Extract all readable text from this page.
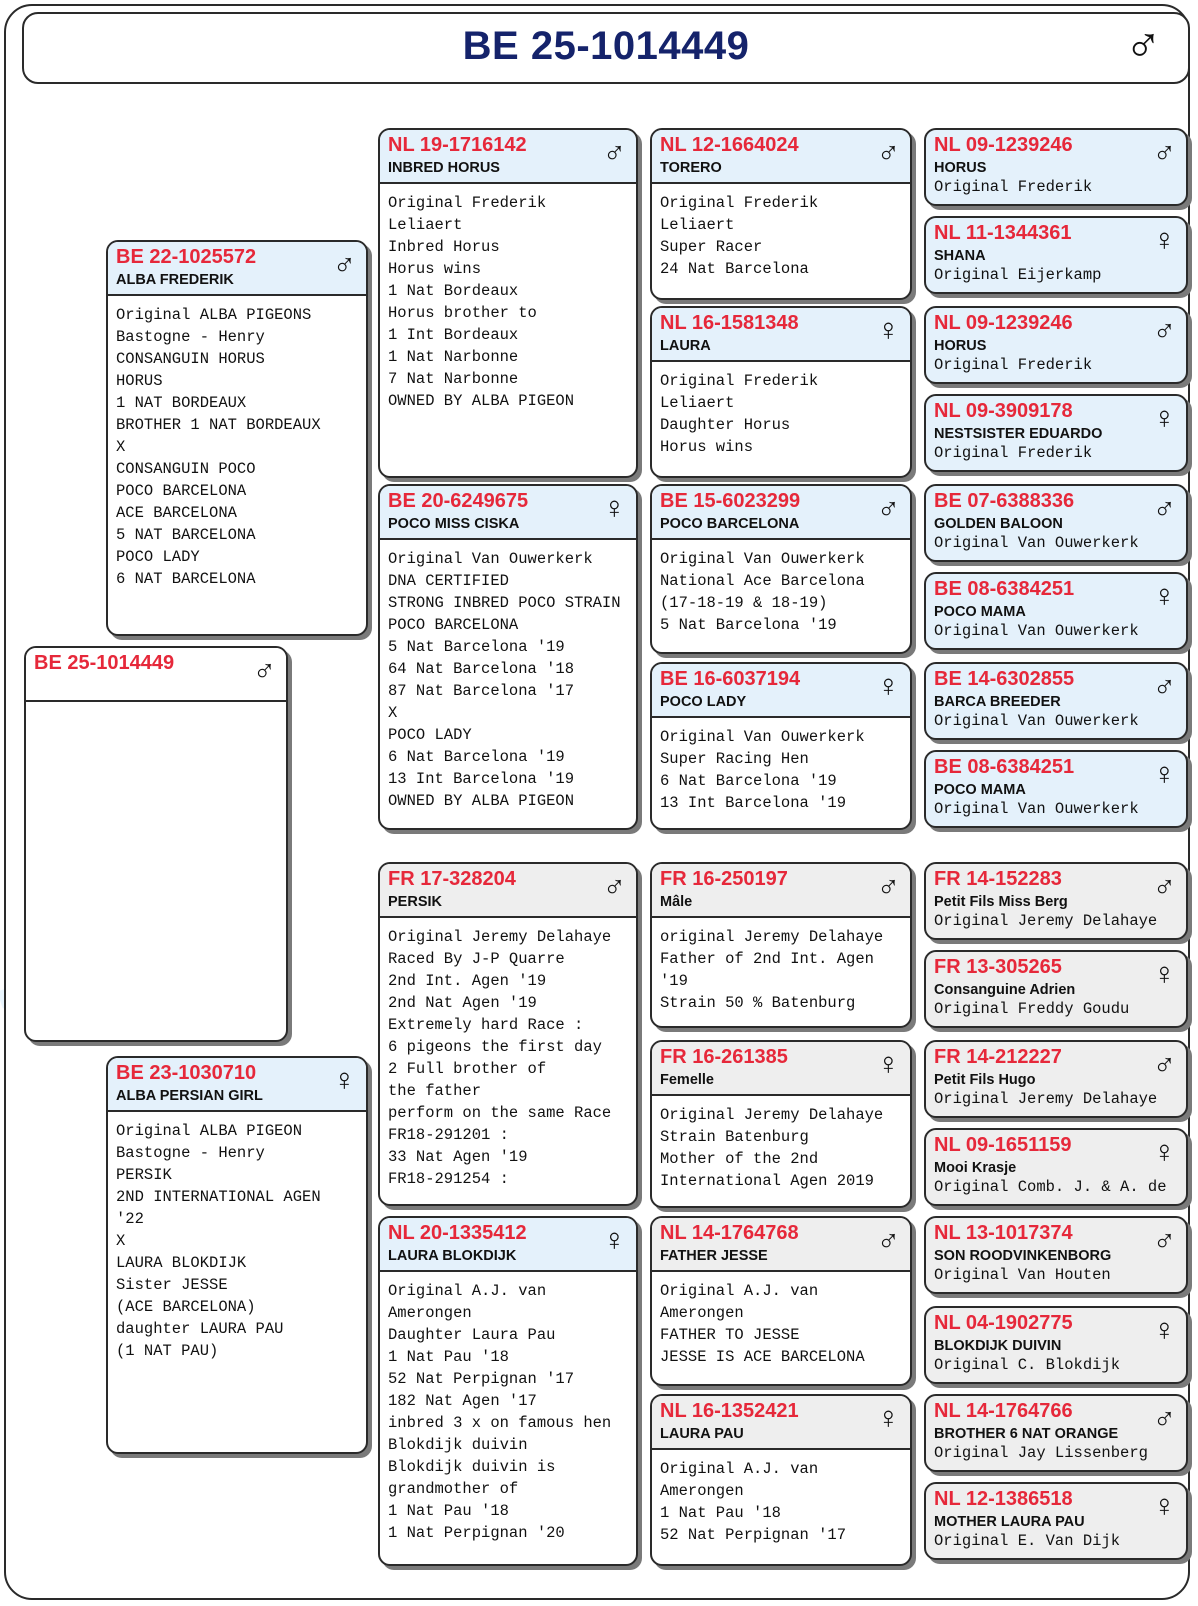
BE 25-1014449	♂
BE 25-1014449	♂
BE 22-1025572
ALBA FREDERIK	♂
Original ALBA PIGEONS
Bastogne - Henry
CONSANGUIN HORUS
HORUS
1 NAT BORDEAUX
BROTHER 1 NAT BORDEAUX
X
CONSANGUIN POCO
POCO BARCELONA
ACE BARCELONA
5 NAT BARCELONA
POCO LADY
6 NAT BARCELONA
BE 23-1030710
ALBA PERSIAN GIRL ♀
Original ALBA PIGEON
Bastogne - Henry
PERSIK
2ND INTERNATIONAL AGEN
'22
X
LAURA BLOKDIJK
Sister JESSE
(ACE BARCELONA)
daughter LAURA PAU
(1 NAT PAU)
NL 19-1716142
INBRED HORUS	♂
Original Frederik
Leliaert
Inbred Horus
Horus wins
1 Nat Bordeaux
Horus brother to
1 Int Bordeaux
1 Nat Narbonne
7 Nat Narbonne
OWNED BY ALBA PIGEON
BE 20-6249675
POCO MISS CISKA	♀
Original Van Ouwerkerk
DNA CERTIFIED
STRONG INBRED POCO STRAIN
POCO BARCELONA
5 Nat Barcelona '19
64 Nat Barcelona '18
87 Nat Barcelona '17
X
POCO LADY
6 Nat Barcelona '19
13 Int Barcelona '19
OWNED BY ALBA PIGEON
FR 17-328204
PERSIK	♂
Original Jeremy Delahaye
Raced By J-P Quarre
2nd Int. Agen '19
2nd Nat Agen '19
Extremely hard Race :
6 pigeons the first day
2 Full brother of
the father
perform on the same Race
FR18-291201 :
33 Nat Agen '19
FR18-291254 :
NL 20-1335412
LAURA BLOKDIJK	♀
Original A.J. van
Amerongen
Daughter Laura Pau
1 Nat Pau '18
52 Nat Perpignan '17
182 Nat Agen '17
inbred 3 x on famous hen
Blokdijk duivin
Blokdijk duivin is
grandmother of
1 Nat Pau '18
1 Nat Perpignan '20
NL 12-1664024
TORERO	♂
Original Frederik
Leliaert
Super Racer
24 Nat Barcelona
NL 16-1581348
LAURA	♀
Original Frederik
Leliaert
Daughter Horus
Horus wins
BE 15-6023299
POCO BARCELONA ♂
Original Van Ouwerkerk
National Ace Barcelona
(17-18-19 & 18-19)
5 Nat Barcelona '19
BE 16-6037194
POCO LADY	♀
Original Van Ouwerkerk
Super Racing Hen
6 Nat Barcelona '19
13 Int Barcelona '19
FR 16-250197
Mâle	♂
original Jeremy Delahaye
Father of 2nd Int. Agen
'19
Strain 50 % Batenburg
FR 16-261385
Femelle	♀
Original Jeremy Delahaye
Strain Batenburg
Mother of the 2nd
International Agen 2019
NL 14-1764768
FATHER JESSE	♂
Original A.J. van
Amerongen
FATHER TO JESSE
JESSE IS ACE BARCELONA
NL 16-1352421
LAURA PAU	♀
Original A.J. van
Amerongen
1 Nat Pau '18
52 Nat Perpignan '17
NL 09-1239246
HORUS	♂
Original Frederik
NL 11-1344361
SHANA	♀
Original Eijerkamp
NL 09-1239246
HORUS	♂
Original Frederik
NL 09-3909178
NESTSISTER EDUARDO ♀
Original Frederik
BE 07-6388336
GOLDEN BALOON	♂
Original Van Ouwerkerk
BE 08-6384251
POCO MAMA	♀
Original Van Ouwerkerk
BE 14-6302855
BARCA BREEDER	♂
Original Van Ouwerkerk
BE 08-6384251
POCO MAMA	♀
Original Van Ouwerkerk
FR 14-152283
Petit Fils Miss Berg	♂
Original Jeremy Delahaye
FR 13-305265
Consanguine Adrien	♀
Original Freddy Goudu
FR 14-212227
Petit Fils Hugo	♂
Original Jeremy Delahaye
NL 09-1651159
Mooi Krasje	♀
Original Comb. J. & A. de
NL 13-1017374
SON ROODVINKENBORG ♂
Original Van Houten
NL 04-1902775
BLOKDIJK DUIVIN	♀
Original C. Blokdijk
NL 14-1764766
BROTHER 6 NAT ORANGE ♂
Original Jay Lissenberg
NL 12-1386518
MOTHER LAURA PAU ♀
Original E. Van Dijk
